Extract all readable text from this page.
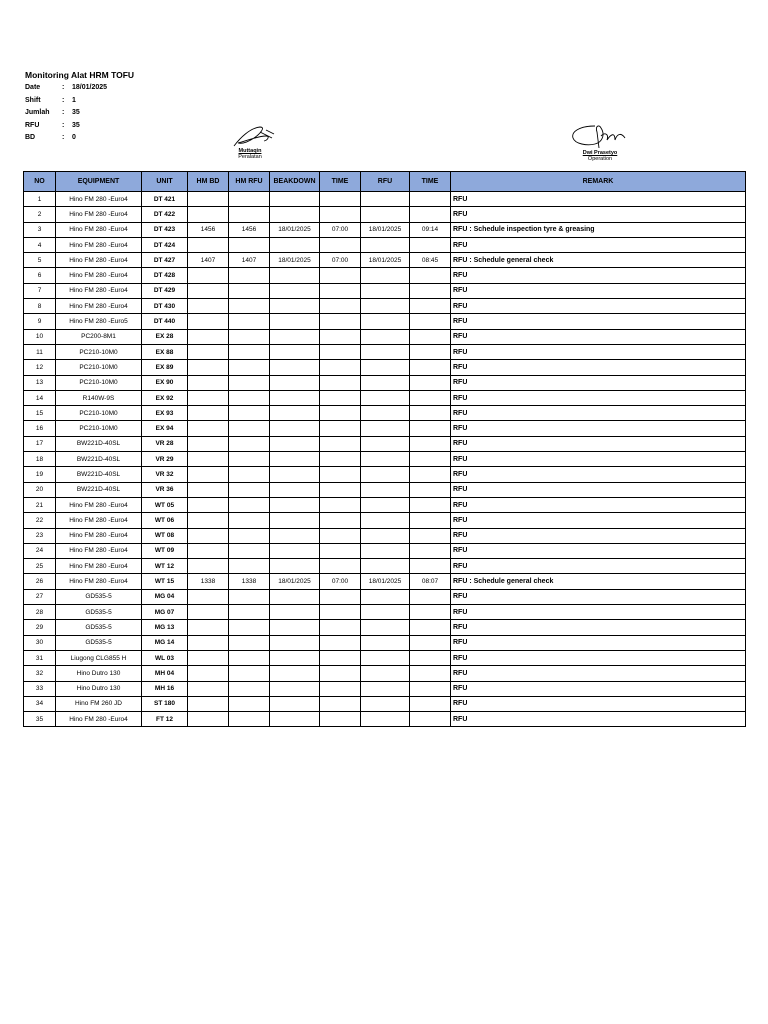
Monitoring Alat HRM TOFU
Date	:	18/01/2025
Shift	:	1
Jumlah	:	35
RFU	:	35
BD	:	0
Muttaqin
Peralatan
Dwi Prasetyo
Operation
NO	EQUIPMENT	UNIT	HM BD	HM RFU	BEAKDOWN	TIME	RFU	TIME	REMARK
1	Hino FM 280 -Euro4	DT 421							RFU
2	Hino FM 280 -Euro4	DT 422							RFU
3	Hino FM 280 -Euro4	DT 423	1456	1456	18/01/2025	07:00	18/01/2025	09:14	RFU : Schedule inspection tyre & greasing
4	Hino FM 280 -Euro4	DT 424							RFU
5	Hino FM 280 -Euro4	DT 427	1407	1407	18/01/2025	07:00	18/01/2025	08:45	RFU : Schedule general check
6	Hino FM 280 -Euro4	DT 428							RFU
7	Hino FM 280 -Euro4	DT 429							RFU
8	Hino FM 280 -Euro4	DT 430							RFU
9	Hino FM 280 -Euro5	DT 440							RFU
10	PC200-8M1	EX 28							RFU
11	PC210-10M0	EX 88							RFU
12	PC210-10M0	EX 89							RFU
13	PC210-10M0	EX 90							RFU
14	R140W-9S	EX 92							RFU
15	PC210-10M0	EX 93							RFU
16	PC210-10M0	EX 94							RFU
17	BW221D-40SL	VR 28							RFU
18	BW221D-40SL	VR 29							RFU
19	BW221D-40SL	VR 32							RFU
20	BW221D-40SL	VR 36							RFU
21	Hino FM 280 -Euro4	WT 05							RFU
22	Hino FM 280 -Euro4	WT 06							RFU
23	Hino FM 280 -Euro4	WT 08							RFU
24	Hino FM 280 -Euro4	WT 09							RFU
25	Hino FM 280 -Euro4	WT 12							RFU
26	Hino FM 280 -Euro4	WT 15	1338	1338	18/01/2025	07:00	18/01/2025	08:07	RFU : Schedule general check
27	GD535-5	MG 04							RFU
28	GD535-5	MG 07							RFU
29	GD535-5	MG 13							RFU
30	GD535-5	MG 14							RFU
31	Liugong CLG855 H	WL 03							RFU
32	Hino Dutro 130	MH 04							RFU
33	Hino Dutro 130	MH 16							RFU
34	Hino FM 260 JD	ST 180							RFU
35	Hino FM 280 -Euro4	FT 12							RFU
